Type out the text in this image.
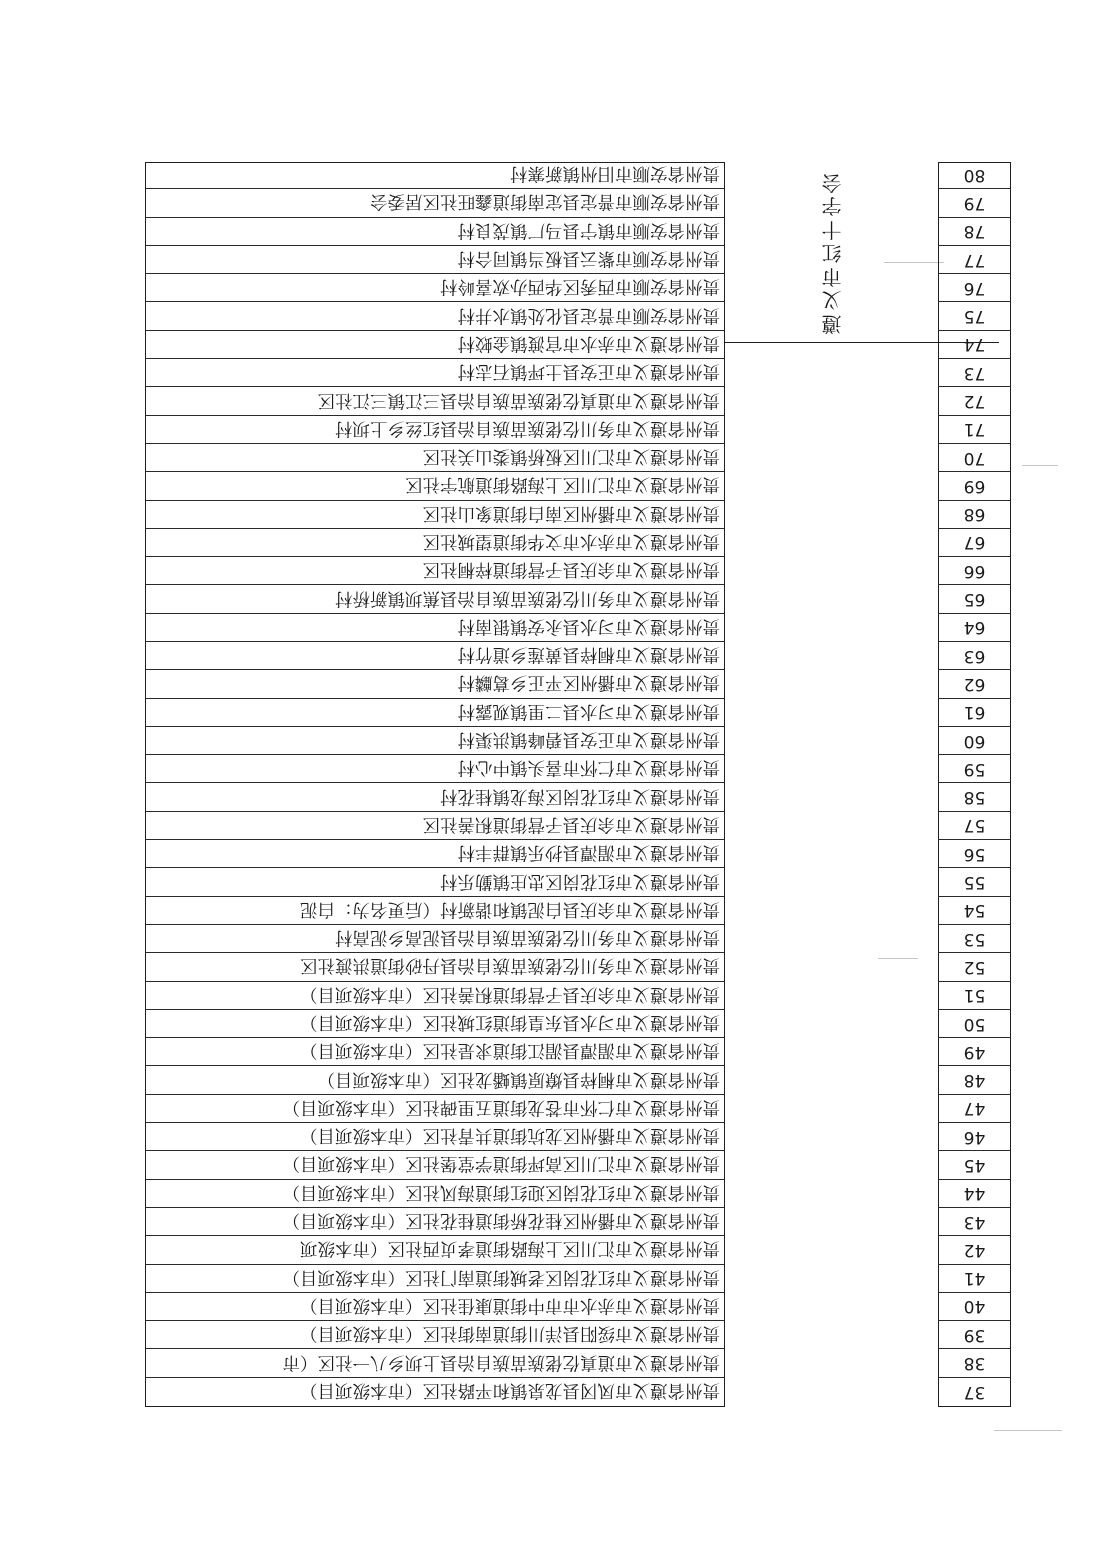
37
38
39
40
41
42
43
44
45
46
47
48
49
50
51
52
53
54
55
56
57
58
59
60
61
62
63
64
65
66
67
68
69
70
71
72
73
74
75
76
77
78
79
80
遵
义
市
红
十
字
会
贵州省遵义市凤冈县龙泉镇和平路社区（市本级项目）
贵州省遵义市道真仡佬族苗族自治县上坝乡八一社区（市
贵州省遵义市绥阳县洋川街道南街社区（市本级项目）
贵州省遵义市赤水市市中街道康佳社区（市本级项目）
贵州省遵义市红花岗区老城街道南门社区（市本级项目）
贵州省遵义市汇川区上海路街道孝贞西社区（市本级项
贵州省遵义市播州区桂花桥街道桂花社区（市本级项目）
贵州省遵义市红花岗区迎红街道海风社区（市本级项目）
贵州省遵义市汇川区高坪街道学堂堡社区（市本级项目）
贵州省遵义市播州区龙坑街道共青社区（市本级项目）
贵州省遵义市仁怀市苍龙街道五里碑社区（市本级项目）
贵州省遵义市桐梓县燎原镇蟠龙社区（市本级项目）
贵州省遵义市湄潭县湄江街道求是社区（市本级项目）
贵州省遵义市习水县东皇街道红城社区（市本级项目）
贵州省遵义市余庆县子营街道积善社区（市本级项目）
贵州省遵义市务川仡佬族苗族自治县丹砂街道洪渡社区
贵州省遵义市务川仡佬族苗族自治县泥高乡泥高村
贵州省遵义市余庆县白泥镇和谐新村（后更名为：白泥
贵州省遵义市红花岗区忠庄镇勤乐村
贵州省遵义市湄潭县抄乐镇群丰村
贵州省遵义市余庆县子营街道积善社区
贵州省遵义市红花岗区海龙镇桂花村
贵州省遵义市仁怀市喜头镇中心村
贵州省遵义市正安县碧峰镇洪渠村
贵州省遵义市习水县二里镇观露村
贵州省遵义市播州区平正乡葛麟村
贵州省遵义市桐梓县黄莲乡道竹村
贵州省遵义市习水县永安镇银南村
贵州省遵义市务川仡佬族苗族自治县蕉坝镇新桥村
贵州省遵义市余庆县子营街道梓桐社区
贵州省遵义市赤水市文华街道望城社区
贵州省遵义市播州区南白街道象山社区
贵州省遵义市汇川区上海路街道航宇社区
贵州省遵义市汇川区板桥镇娄山关社区
贵州省遵义市务川仡佬族苗族自治县红丝乡上坝村
贵州省遵义市道真仡佬族苗族自治县三江镇三江社区
贵州省遵义市正安县土坪镇石志村
贵州省遵义市赤水市官渡镇金蛟村
贵州省安顺市普定县化处镇水井村
贵州省安顺市西秀区华西办欢喜岭村
贵州省安顺市紫云县板当镇同合村
贵州省安顺市镇宁县马厂镇茂良村
贵州省安顺市普定县定南街道鑫旺社区居委会
贵州省安顺市旧州镇新寨村
